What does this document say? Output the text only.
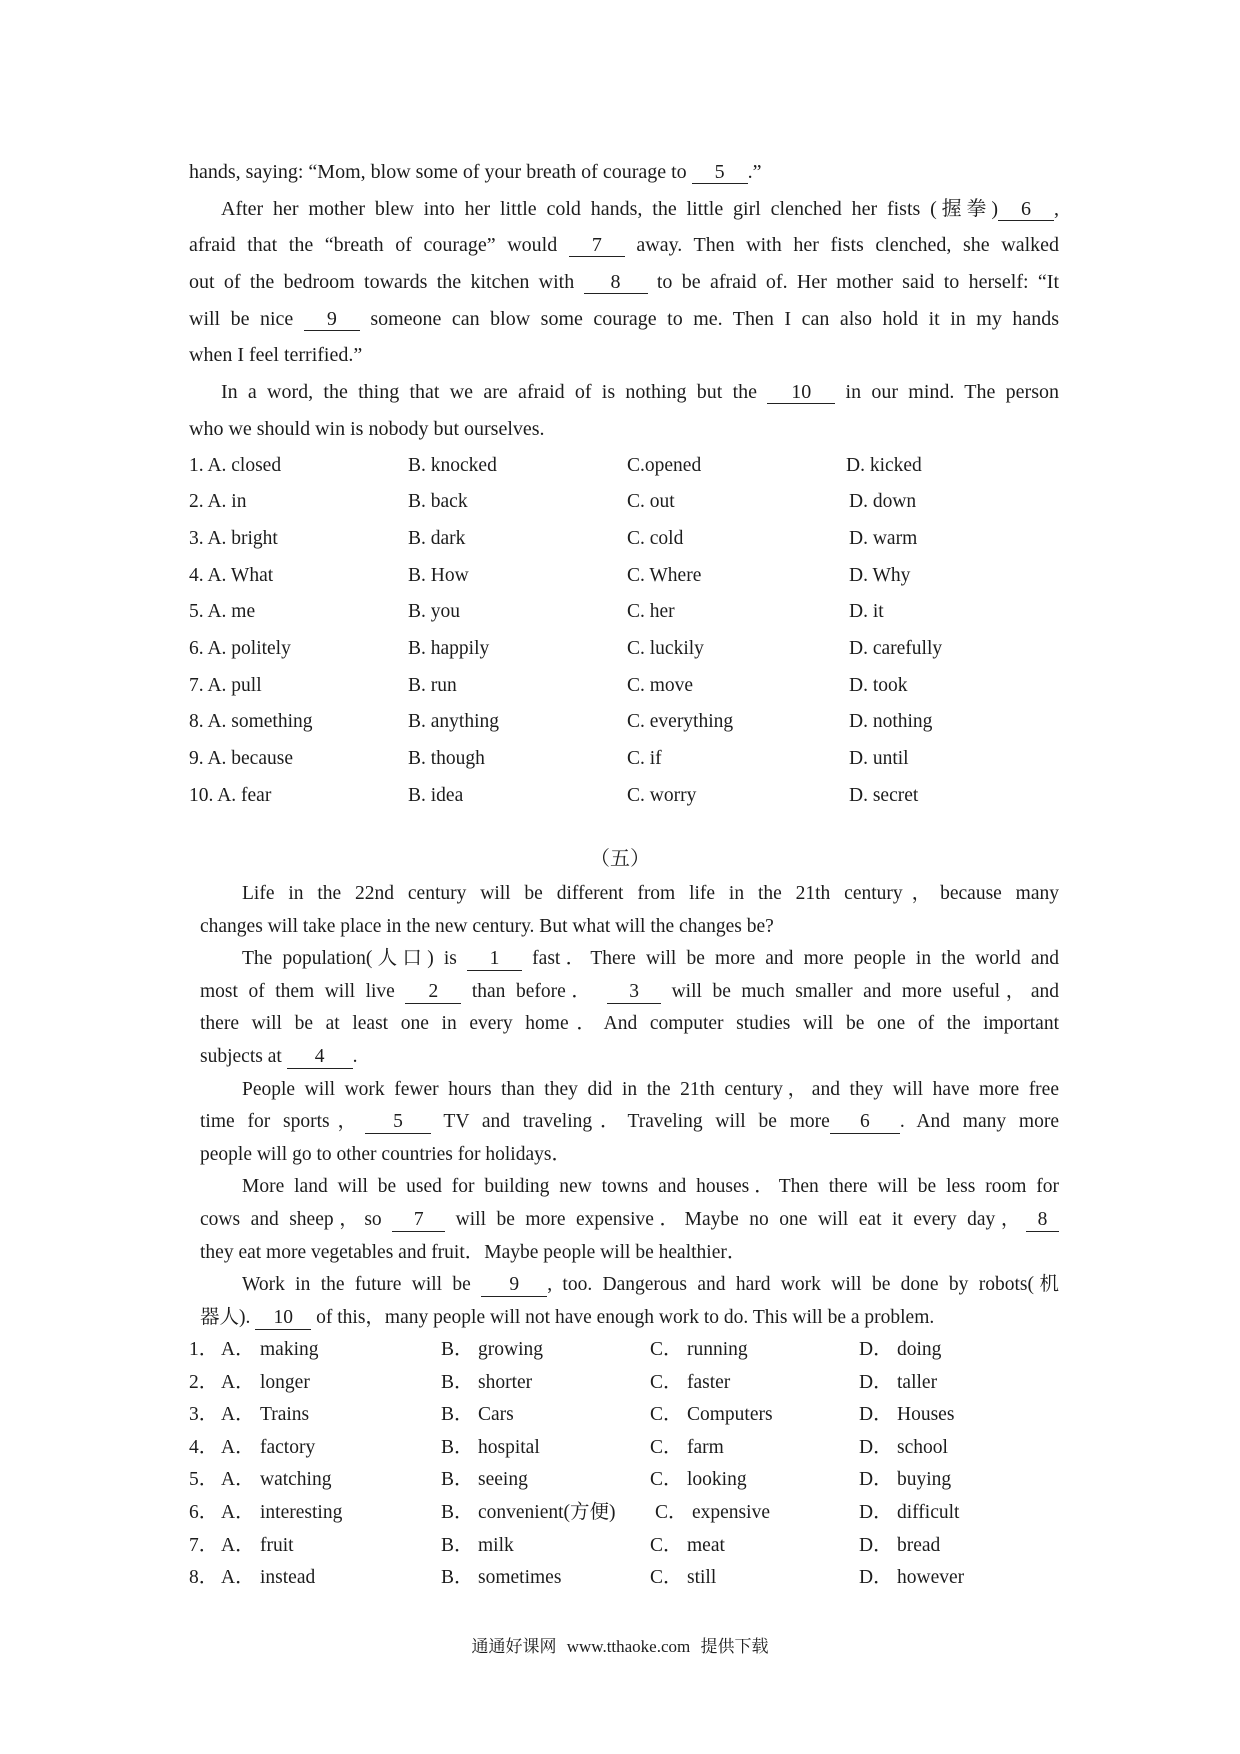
hands, saying: “Mom, blow some of your breath of courage to 5 .”
After her mother blew into her little cold hands, the little girl clenched her fists (握拳) 6 ,
afraid that the “breath of courage” would 7 away. Then with her fists clenched, she walked
out of the bedroom towards the kitchen with 8 to be afraid of. Her mother said to herself: “It
will be nice 9 someone can blow some courage to me. Then I can also hold it in my hands
when I feel terrified.”
In a word, the thing that we are afraid of is nothing but the 10 in our mind. The person
who we should win is nobody but ourselves.
1. A. closed	B. knocked	C.opened	D. kicked
2. A. in	B. back	C. out	D. down
3. A. bright	B. dark	C. cold	D. warm
4. A. What	B. How	C. Where	D. Why
5. A. me	B. you	C. her	D. it
6. A. politely	B. happily	C. luckily	D. carefully
7. A. pull	B. run	C. move	D. took
8. A. something	B. anything	C. everything	D. nothing
9. A. because	B. though	C. if	D. until
10. A. fear	B. idea	C. worry	D. secret
（五）
Life in the 22nd century will be different from life in the 21th century，because many
changes will take place in the new century. But what will the changes be?
The population(人口) is 1 fast．There will be more and more people in the world and
most of them will live 2 than before． 3 will be much smaller and more useful，and
there will be at least one in every home．And computer studies will be one of the important
subjects at 4 .
People will work fewer hours than they did in the 21th century，and they will have more free
time for sports， 5 TV and traveling．Traveling will be more 6 . And many more
people will go to other countries for holidays．
More land will be used for building new towns and houses．Then there will be less room for
cows and sheep，so 7 will be more expensive．Maybe no one will eat it every day， 8
they eat more vegetables and fruit．Maybe people will be healthier．
Work in the future will be 9 , too. Dangerous and hard work will be done by robots(机
器人). 10 of this，many people will not have enough work to do. This will be a problem.
1． A． making	B． growing	C． running	D． doing
2． A． longer	B． shorter	C． faster	D． taller
3． A． Trains	B． Cars	C． Computers	D． Houses
4． A． factory	B． hospital	C． farm	D． school
5． A． watching	B． seeing	C． looking	D． buying
6． A． interesting	B． convenient(方便) C． expensive	D． difficult
7． A． fruit	B． milk	C． meat	D． bread
8． A． instead	B． sometimes	C． still	D． however
通通好课网 www.tthaoke.com 提供下载
